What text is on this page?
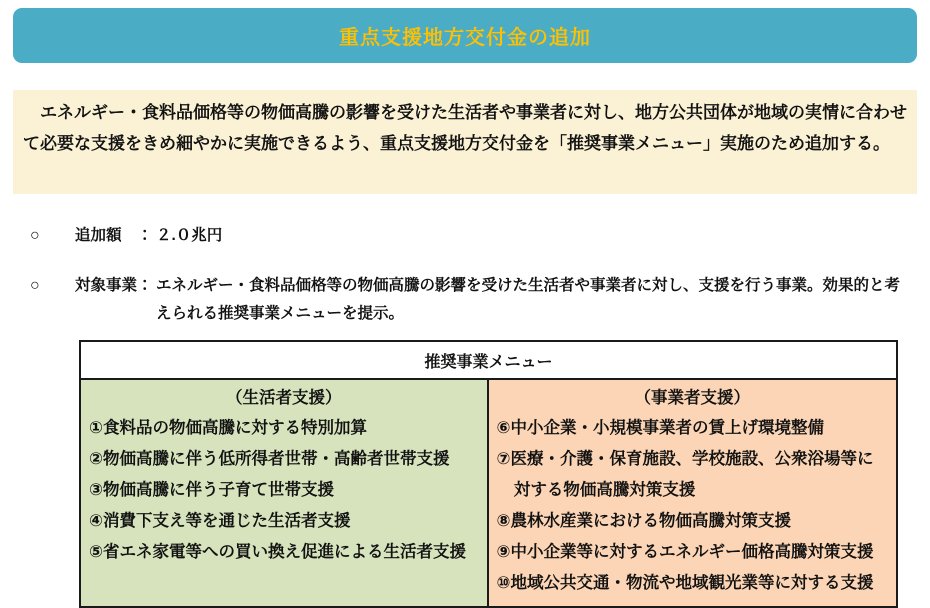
重点支援地方交付金の追加

　エネルギー・食料品価格等の物価高騰の影響を受けた生活者や事業者に対し、地方公共団体が地域の実情に合わせて必要な支援をきめ細やかに実施できるよう、重点支援地方交付金を「推奨事業メニュー」実施のため追加する。

○	追加額　： ２.０兆円
○	対象事業： エネルギー・食料品価格等の物価高騰の影響を受けた生活者や事業者に対し、支援を行う事業。効果的と考えられる推奨事業メニューを提示。
推奨事業メニュー
（生活者支援）
①食料品の物価高騰に対する特別加算
②物価高騰に伴う低所得者世帯・高齢者世帯支援
③物価高騰に伴う子育て世帯支援
④消費下支え等を通じた生活者支援
⑤省エネ家電等への買い換え促進による生活者支援
（事業者支援）
⑥中小企業・小規模事業者の賃上げ環境整備
⑦医療・介護・保育施設、学校施設、公衆浴場等に対する物価高騰対策支援
⑧農林水産業における物価高騰対策支援
⑨中小企業等に対するエネルギー価格高騰対策支援
⑩地域公共交通・物流や地域観光業等に対する支援
